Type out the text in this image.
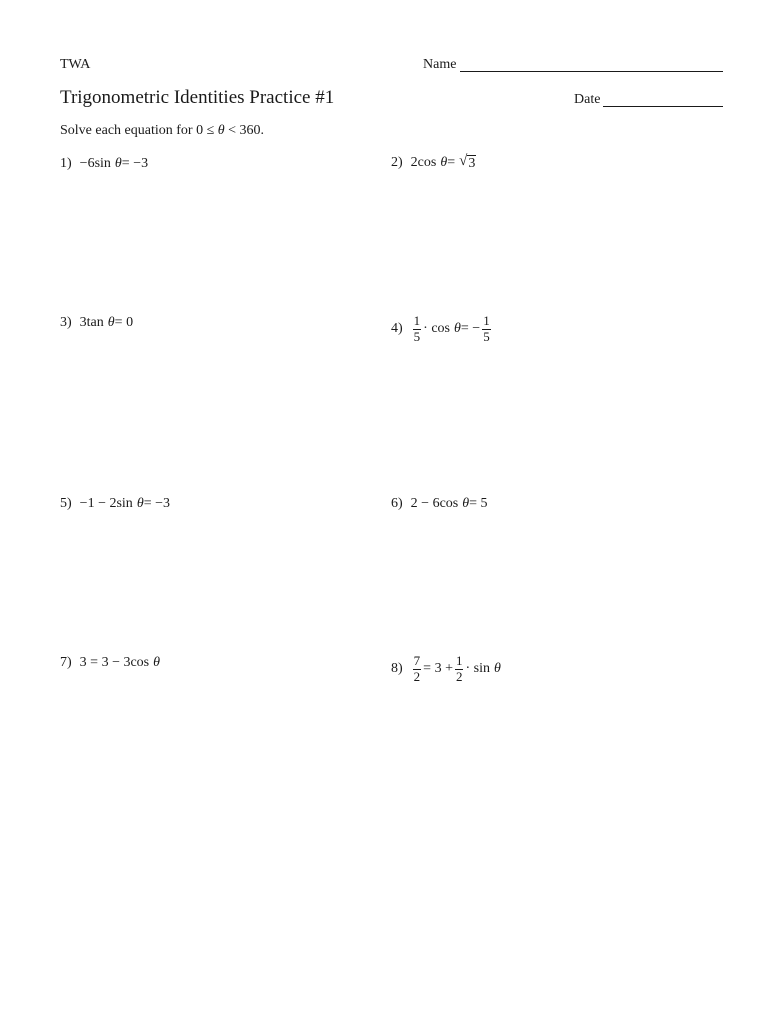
TWA	Name
Trigonometric Identities Practice #1	Date
Solve each equation for 0 ≤ θ < 360.
1) −6sin θ = −3	2) 2cos θ = √ 3
3) 3tan θ = 0	$4) \frac{1}{5} \cdot \cos \theta$ = − $\frac{1}{5}$
5) −1 − 2sin θ = −3	6) 2 − 6cos θ = 5
7) 3 = 3 − 3cos θ	$8) \frac{7}{2} = 3 + \frac{1}{2} \cdot \sin \theta$
